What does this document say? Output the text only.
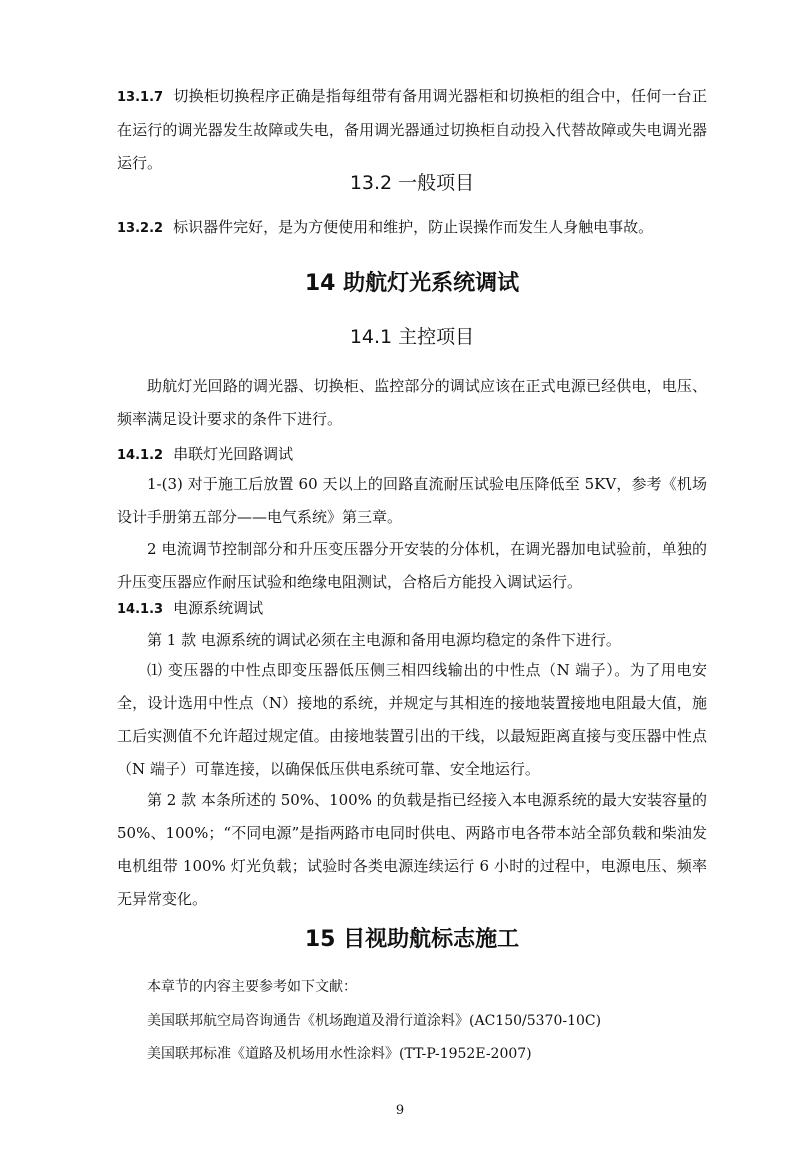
13.1.7 切换柜切换程序正确是指每组带有备用调光器柜和切换柜的组合中，任何一台正在运行的调光器发生故障或失电，备用调光器通过切换柜自动投入代替故障或失电调光器运行。

13.2 一般项目

13.2.2 标识器件完好，是为方便使用和维护，防止误操作而发生人身触电事故。

14 助航灯光系统调试
14.1 主控项目

助航灯光回路的调光器、切换柜、监控部分的调试应该在正式电源已经供电，电压、频率满足设计要求的条件下进行。

14.1.2 串联灯光回路调试

1-(3) 对于施工后放置 60 天以上的回路直流耐压试验电压降低至 5KV，参考《机场设计手册第五部分——电气系统》第三章。

2 电流调节控制部分和升压变压器分开安装的分体机，在调光器加电试验前，单独的升压变压器应作耐压试验和绝缘电阻测试，合格后方能投入调试运行。

14.1.3 电源系统调试

第 1 款 电源系统的调试必须在主电源和备用电源均稳定的条件下进行。

⑴ 变压器的中性点即变压器低压侧三相四线输出的中性点（N 端子）。为了用电安全，设计选用中性点（N）接地的系统，并规定与其相连的接地装置接地电阻最大值，施工后实测值不允许超过规定值。由接地装置引出的干线，以最短距离直接与变压器中性点（N 端子）可靠连接，以确保低压供电系统可靠、安全地运行。

第 2 款 本条所述的 50%、100% 的负载是指已经接入本电源系统的最大安装容量的 50%、100%；“不同电源”是指两路市电同时供电、两路市电各带本站全部负载和柴油发电机组带 100% 灯光负载；试验时各类电源连续运行 6 小时的过程中，电源电压、频率无异常变化。

15 目视助航标志施工

本章节的内容主要参考如下文献：

美国联邦航空局咨询通告《机场跑道及滑行道涂料》(AC150/5370-10C)

美国联邦标准《道路及机场用水性涂料》(TT-P-1952E-2007)

9
